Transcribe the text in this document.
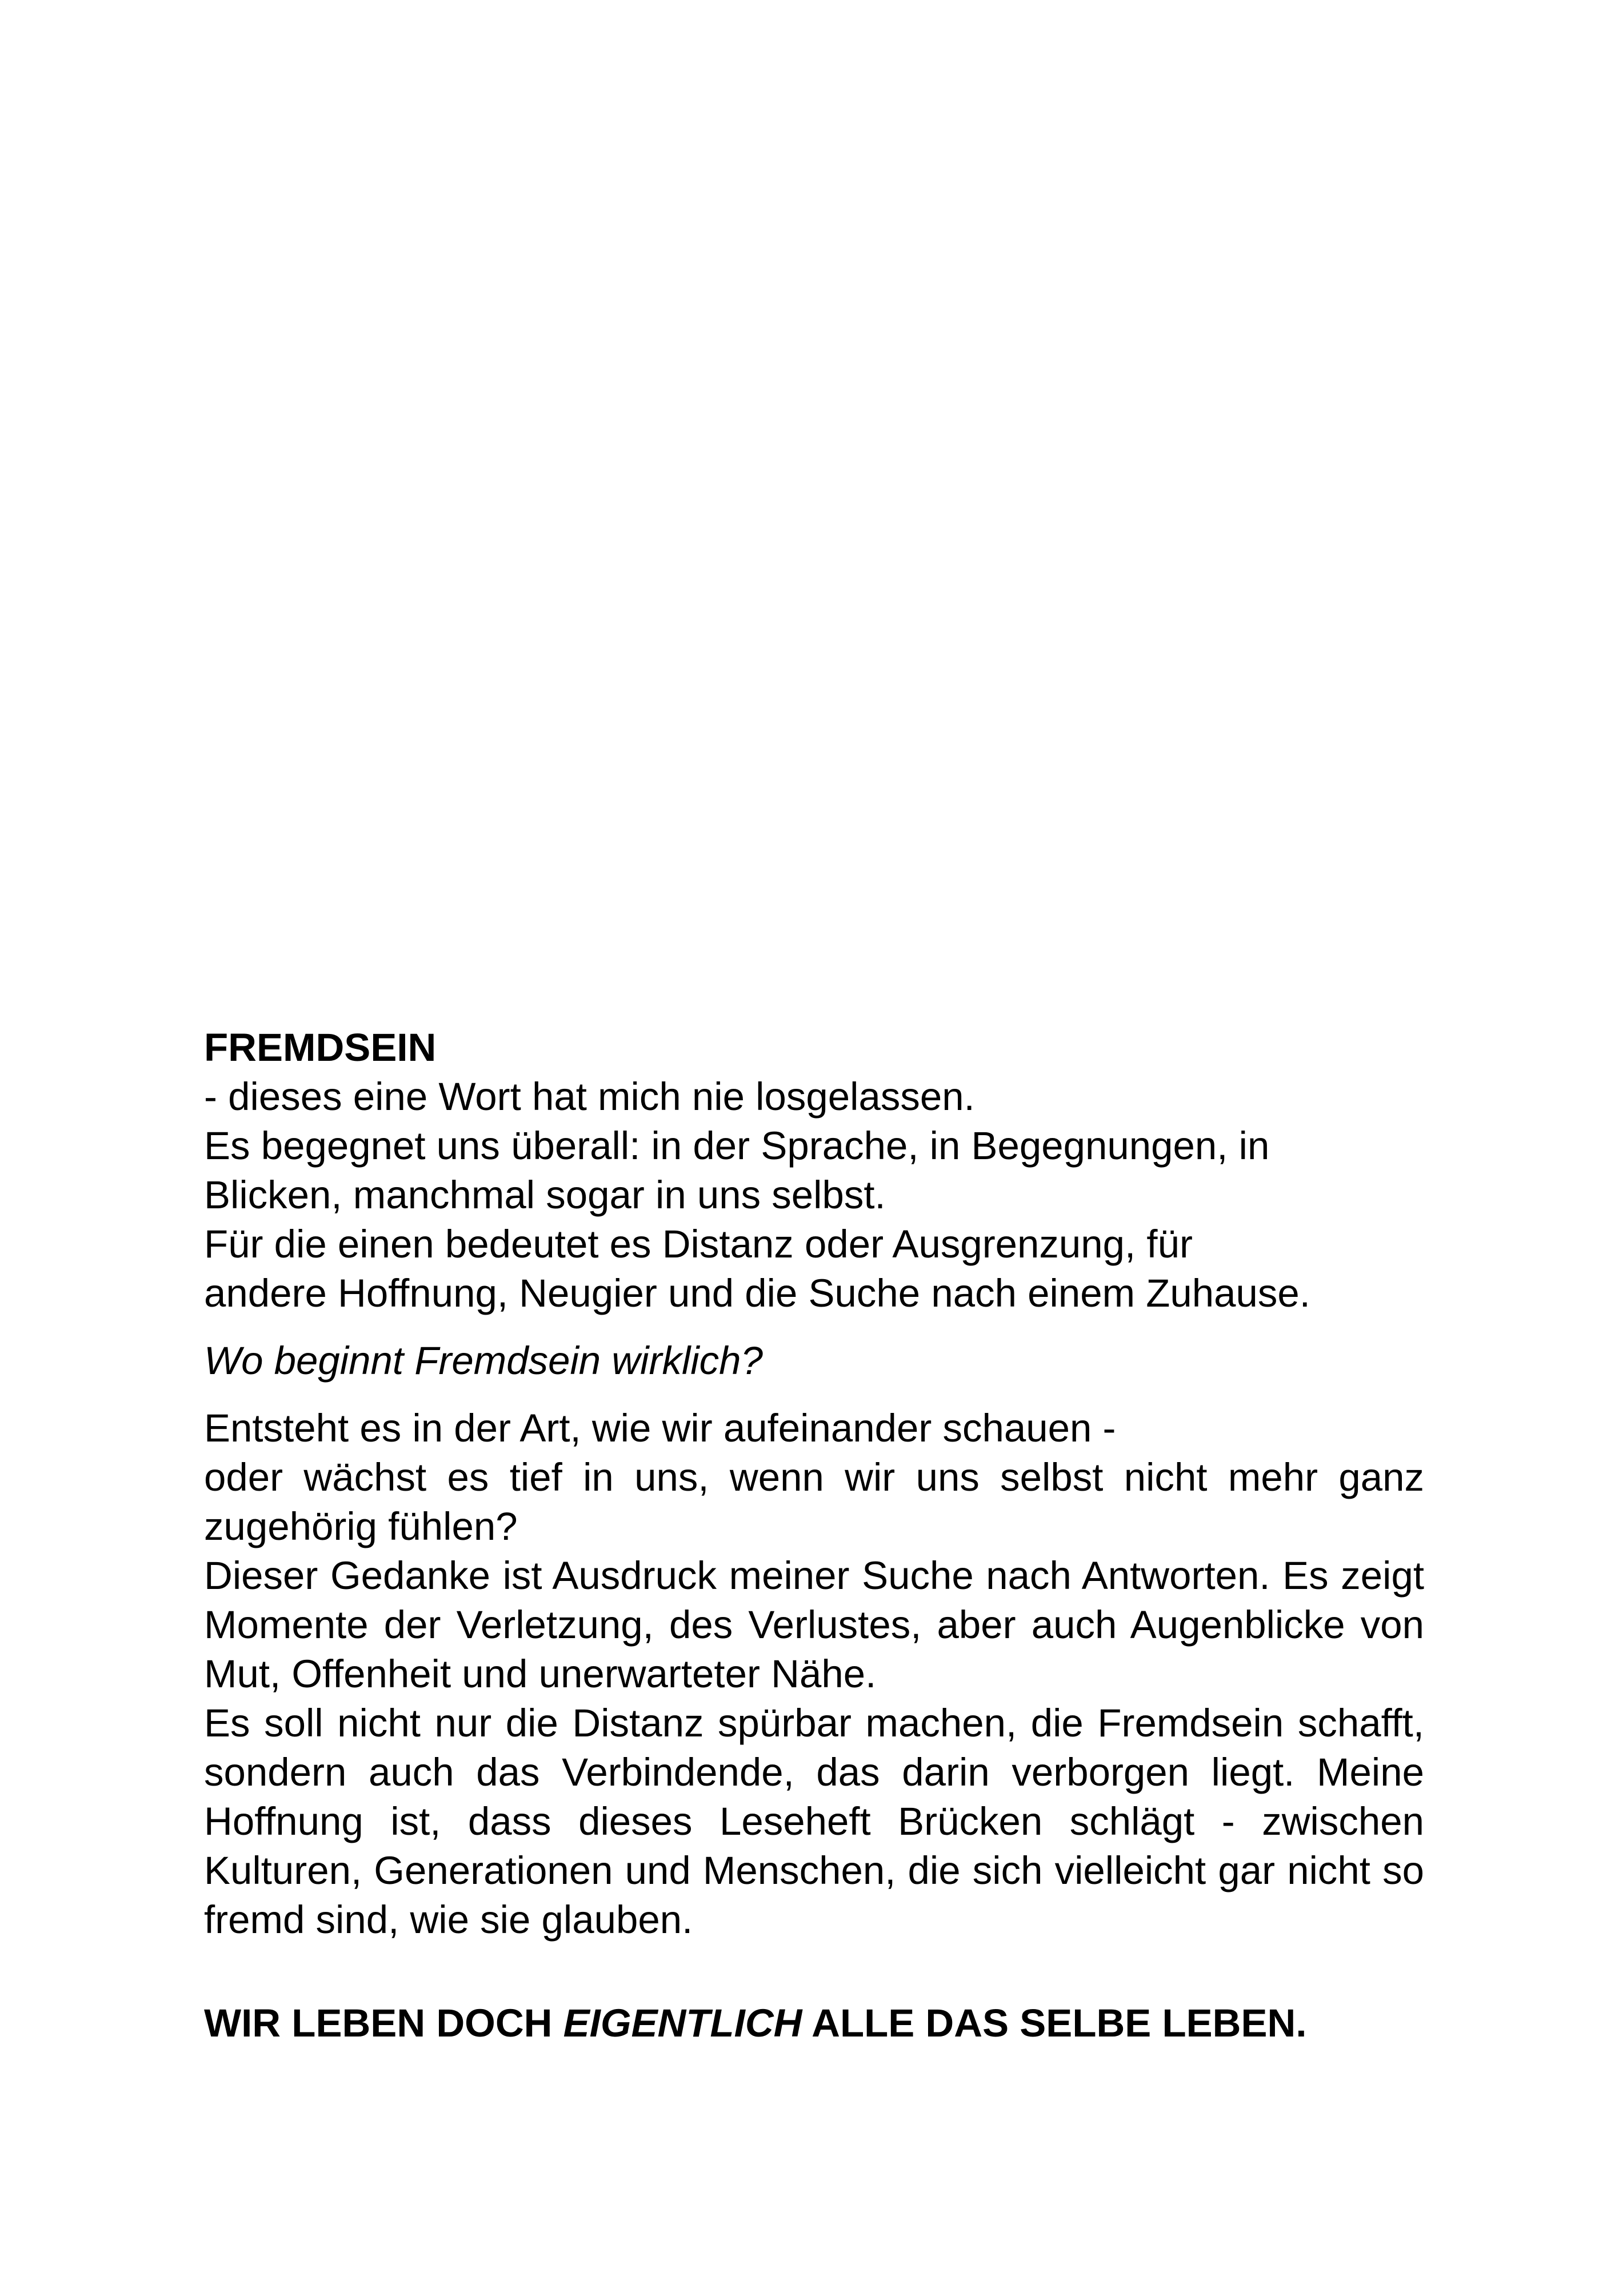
FREMDSEIN

- dieses eine Wort hat mich nie losgelassen.
Es begegnet uns überall: in der Sprache, in Begegnungen, in
Blicken, manchmal sogar in uns selbst.
Für die einen bedeutet es Distanz oder Ausgrenzung, für
andere Hoffnung, Neugier und die Suche nach einem Zuhause.

Wo beginnt Fremdsein wirklich?

Entsteht es in der Art, wie wir aufeinander schauen -
oder wächst es tief in uns, wenn wir uns selbst nicht mehr ganz zugehörig fühlen?
Dieser Gedanke ist Ausdruck meiner Suche nach Antworten. Es zeigt Momente der Verletzung, des Verlustes, aber auch Augenblicke von Mut, Offenheit und unerwarteter Nähe.
Es soll nicht nur die Distanz spürbar machen, die Fremdsein schafft, sondern auch das Verbindende, das darin verborgen liegt. Meine Hoffnung ist, dass dieses Leseheft Brücken schlägt - zwischen Kulturen, Generationen und Menschen, die sich vielleicht gar nicht so fremd sind, wie sie glauben.

WIR LEBEN DOCH EIGENTLICH ALLE DAS SELBE LEBEN.
